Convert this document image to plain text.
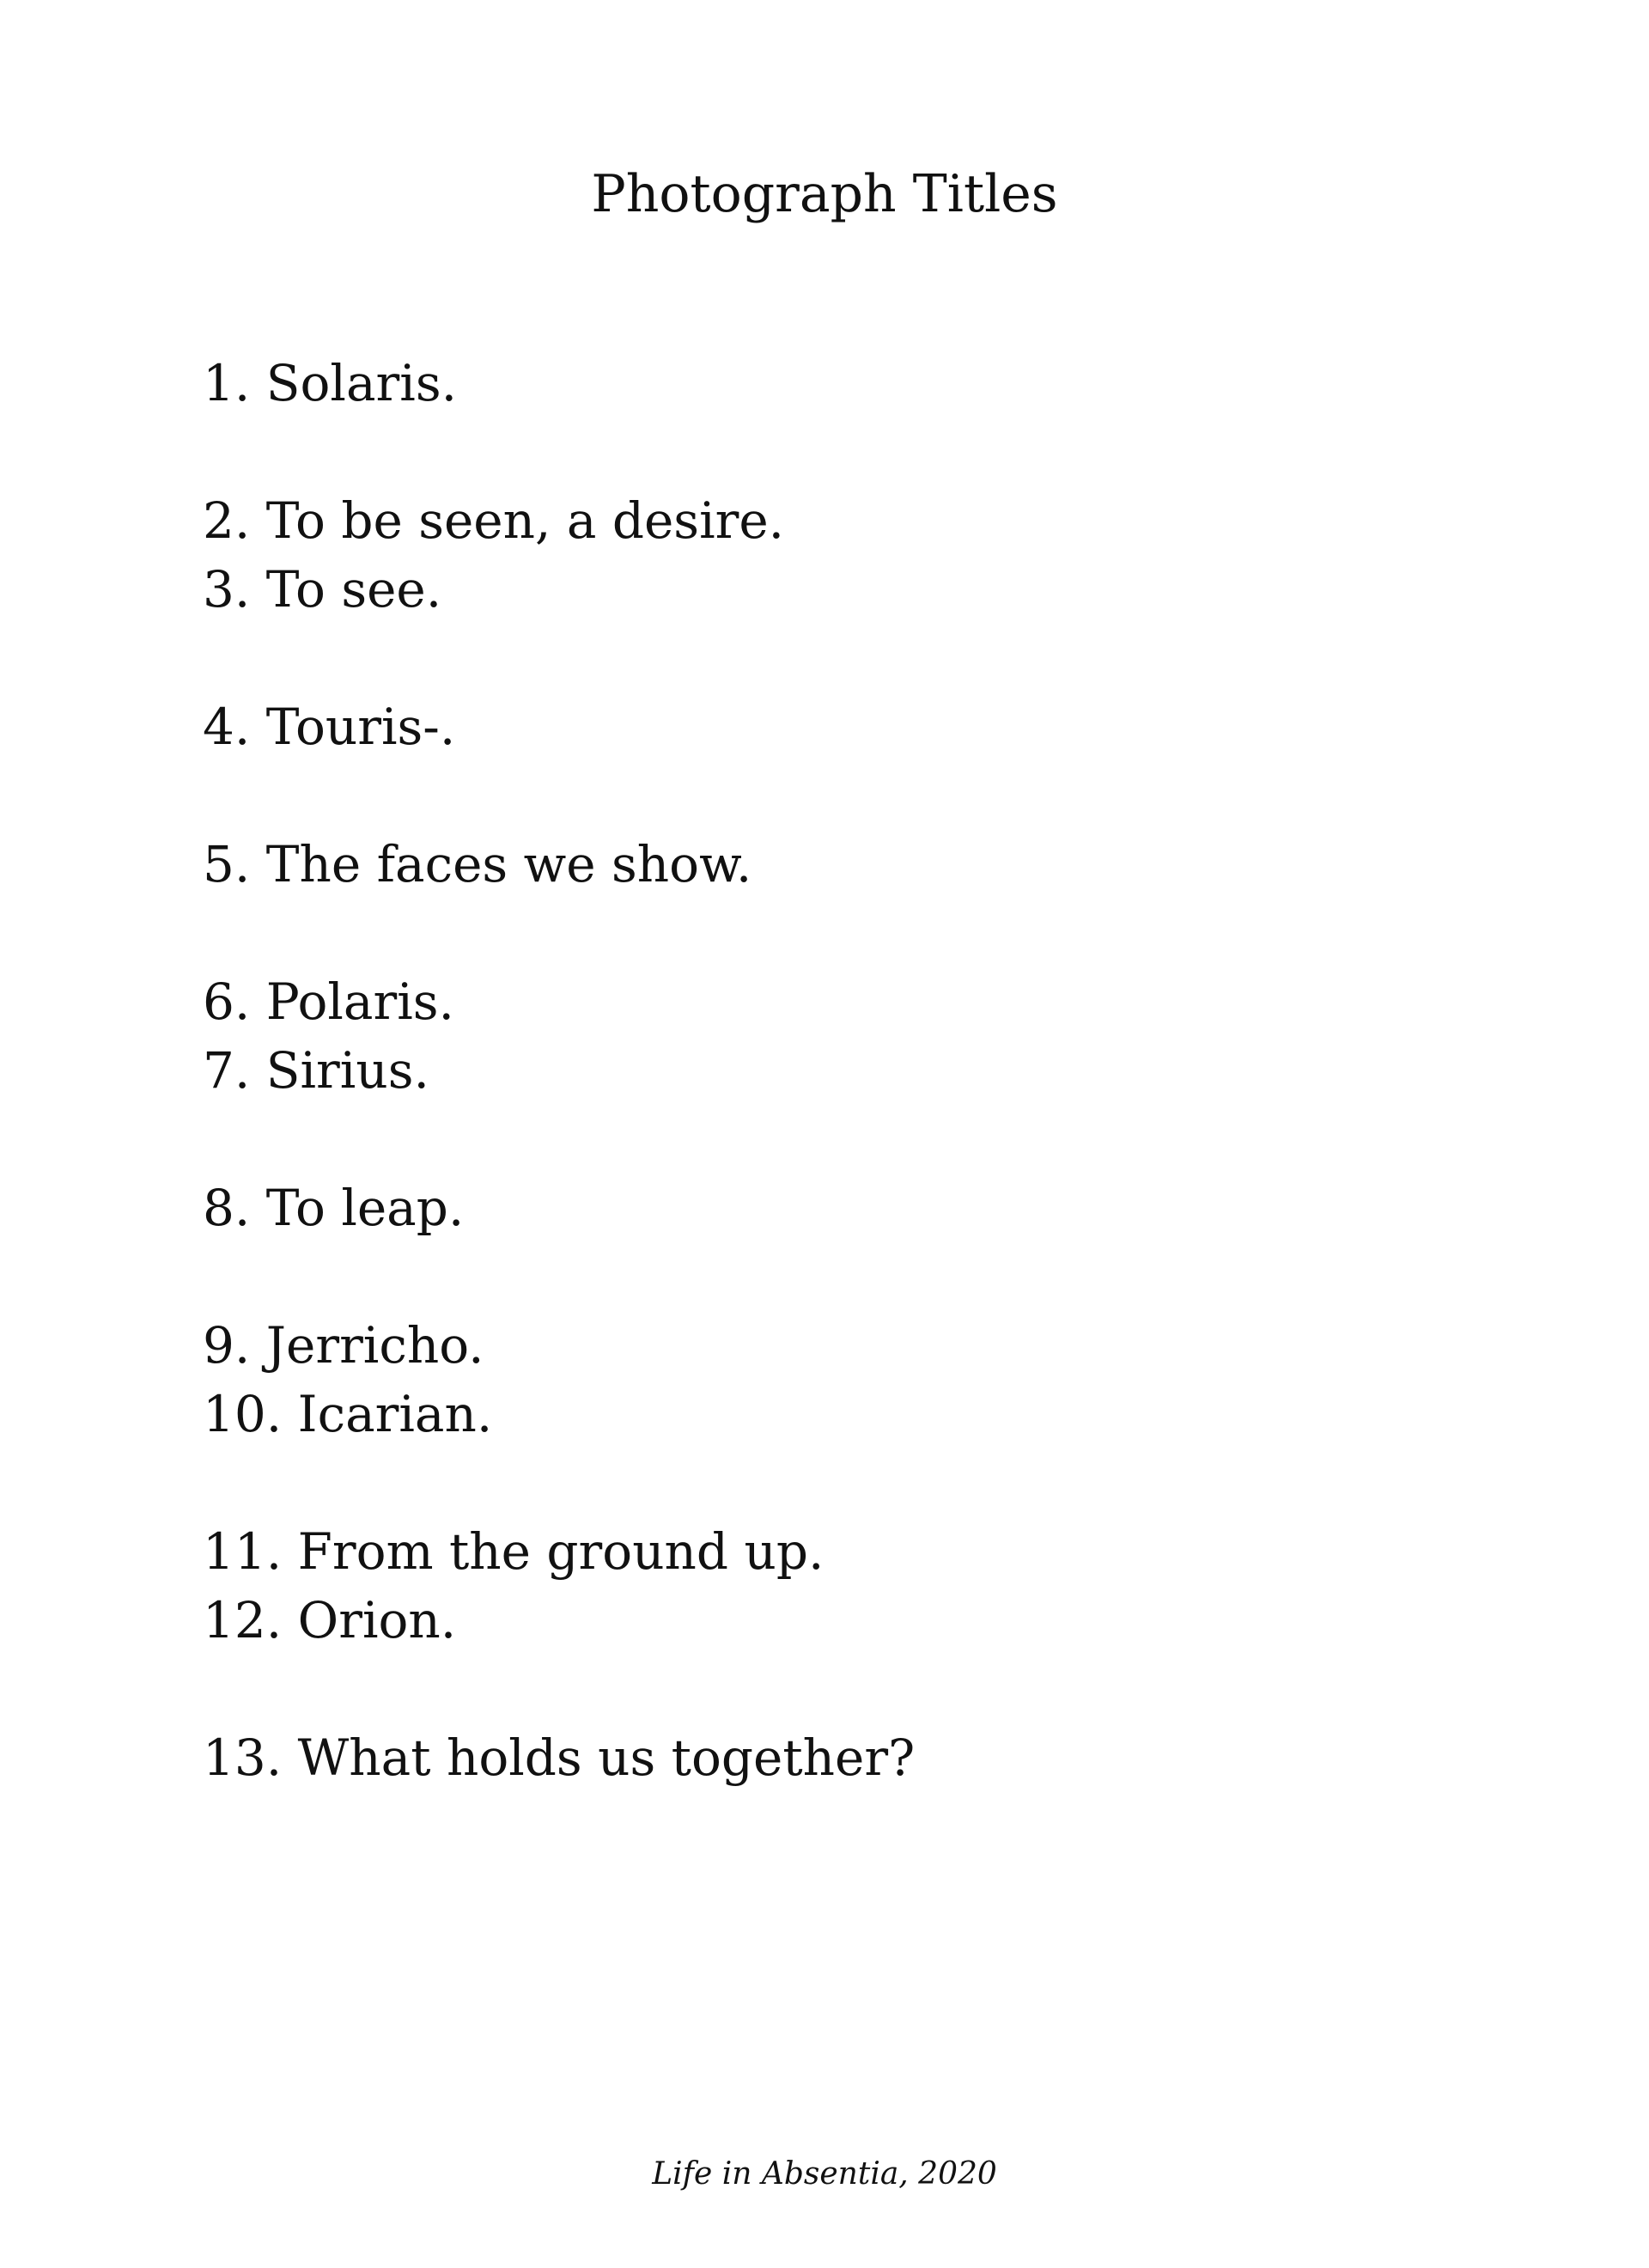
Photograph Titles
1. Solaris.
2. To be seen, a desire.
3. To see.
4. Touris-.
5. The faces we show.
6. Polaris.
7. Sirius.
8. To leap.
9. Jerricho.
10. Icarian.
11. From the ground up.
12. Orion.
13. What holds us together?
Life in Absentia, 2020
